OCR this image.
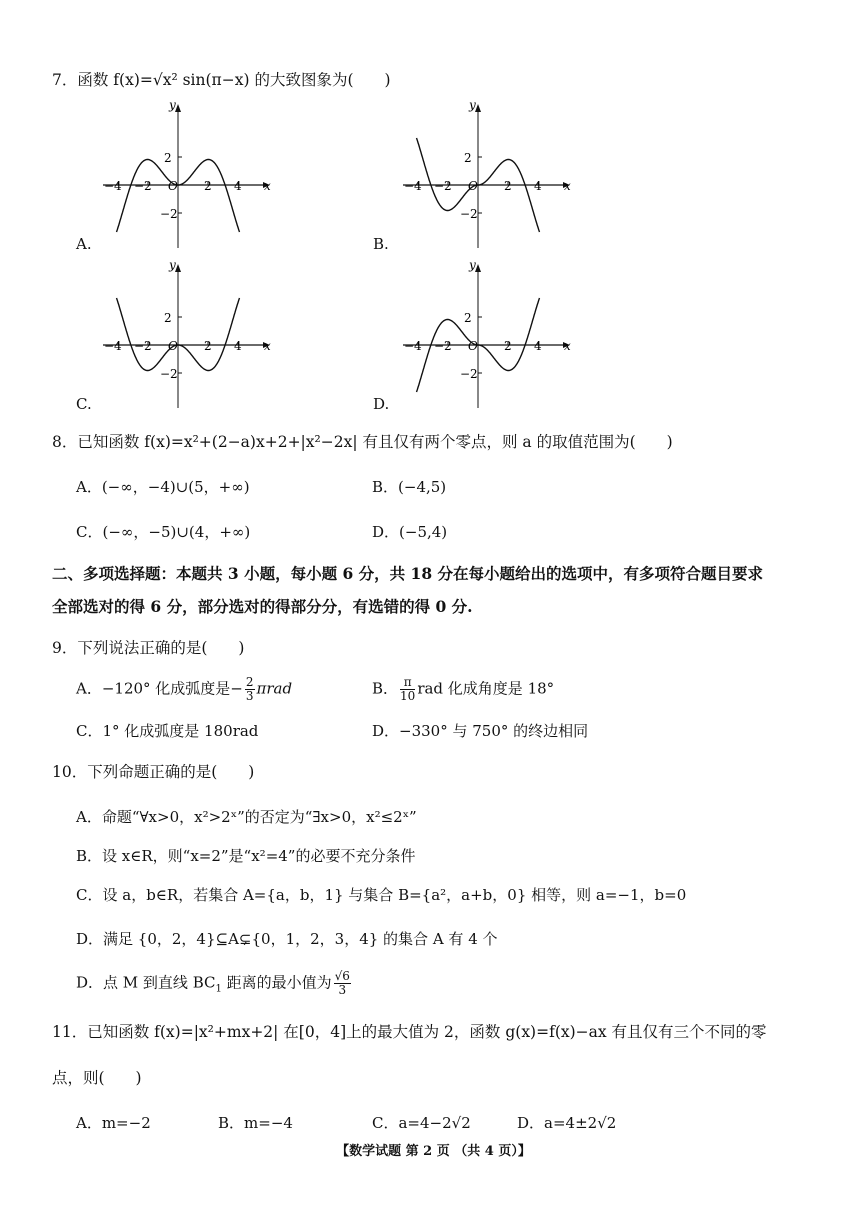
7．函数 f(x)=√x² sin(π−x) 的大致图象为(　　)
y
x
O
2
−2
−4 −2	2 4
A.
y
x
O
2
−2
−4 −2	2 4
B.
y
x
O
2
−2
−4 −2	2 4
C.
y
x
O
2
−2
−4 −2	2 4
D.
8．已知函数 f(x)=x²+(2−a)x+2+|x²−2x| 有且仅有两个零点，则 a 的取值范围为(　　)
A．(−∞，−4)∪(5，+∞)	B．(−4,5)
C．(−∞，−5)∪(4，+∞)	D．(−5,4)
二、多项选择题：本题共 3 小题，每小题 6 分，共 18 分在每小题给出的选项中，有多项符合题目要求
全部选对的得 6 分，部分选对的得部分分，有选错的得 0 分.
9．下列说法正确的是(　　)
A．−120° 化成弧度是− $\frac{2}{3}$ πrad	B． $\frac{\pi}{10}$ rad 化成角度是 18°
C．1° 化成弧度是 180rad	D．−330° 与 750° 的终边相同
10．下列命题正确的是(　　)
A．命题“∀x>0，x²>2ˣ”的否定为“∃x>0，x²≤2ˣ”
B．设 x∈R，则“x=2”是“x²=4”的必要不充分条件
C．设 a，b∈R，若集合 A={a，b，1} 与集合 B={a²，a+b，0} 相等，则 a=−1，b=0
D．满足 {0，2，4}⊆A⊊{0，1，2，3，4} 的集合 A 有 4 个
D．点 M 到直线 $BC_1$ 距离的最小值为 $\frac{√6}{3}$
11．已知函数 f(x)=|x²+mx+2| 在[0，4]上的最大值为 2，函数 g(x)=f(x)−ax 有且仅有三个不同的零
点，则(　　)
A．m=−2	B．m=−4	C．a=4−2√2	D．a=4±2√2
【数学试题 第 2 页 （共 4 页）】
